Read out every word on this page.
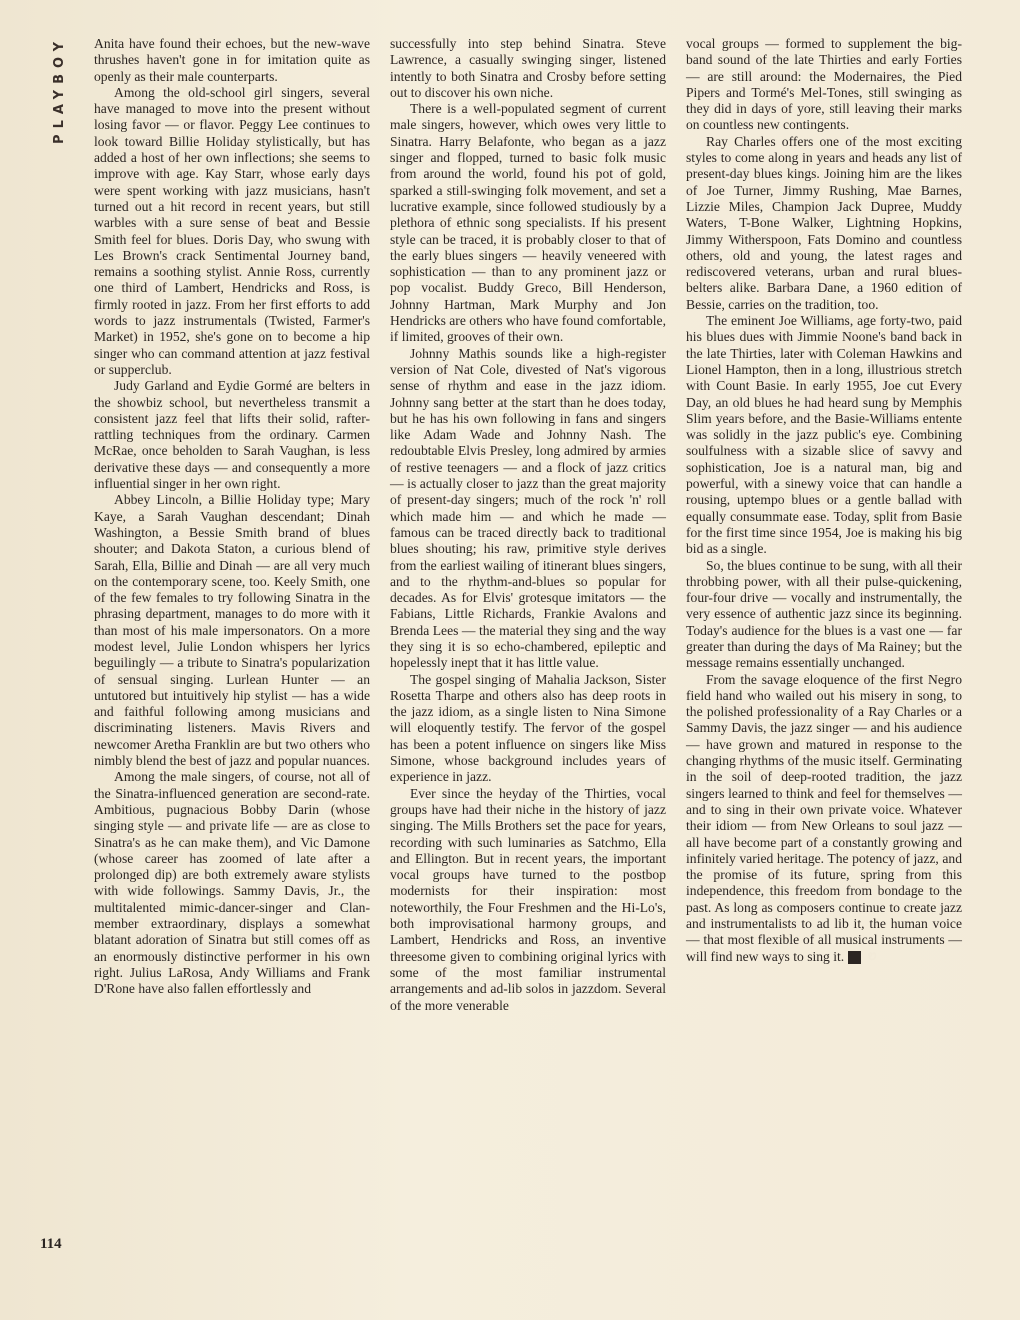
PLAYBOY
114

Anita have found their echoes, but the new-wave thrushes haven't gone in for imitation quite as openly as their male counterparts.

Among the old-school girl singers, several have managed to move into the present without losing favor — or flavor. Peggy Lee continues to look toward Billie Holiday stylistically, but has added a host of her own inflections; she seems to improve with age. Kay Starr, whose early days were spent working with jazz musicians, hasn't turned out a hit record in recent years, but still warbles with a sure sense of beat and Bessie Smith feel for blues. Doris Day, who swung with Les Brown's crack Sentimental Journey band, remains a soothing stylist. Annie Ross, currently one third of Lambert, Hendricks and Ross, is firmly rooted in jazz. From her first efforts to add words to jazz instrumentals (Twisted, Farmer's Market) in 1952, she's gone on to become a hip singer who can command attention at jazz festival or supperclub.

Judy Garland and Eydie Gormé are belters in the showbiz school, but nevertheless transmit a consistent jazz feel that lifts their solid, rafter-rattling techniques from the ordinary. Carmen McRae, once beholden to Sarah Vaughan, is less derivative these days — and consequently a more influential singer in her own right.

Abbey Lincoln, a Billie Holiday type; Mary Kaye, a Sarah Vaughan descendant; Dinah Washington, a Bessie Smith brand of blues shouter; and Dakota Staton, a curious blend of Sarah, Ella, Billie and Dinah — are all very much on the contemporary scene, too. Keely Smith, one of the few females to try following Sinatra in the phrasing department, manages to do more with it than most of his male impersonators. On a more modest level, Julie London whispers her lyrics beguilingly — a tribute to Sinatra's popularization of sensual singing. Lurlean Hunter — an untutored but intuitively hip stylist — has a wide and faithful following among musicians and discriminating listeners. Mavis Rivers and newcomer Aretha Franklin are but two others who nimbly blend the best of jazz and popular nuances.

Among the male singers, of course, not all of the Sinatra-influenced generation are second-rate. Ambitious, pugnacious Bobby Darin (whose singing style — and private life — are as close to Sinatra's as he can make them), and Vic Damone (whose career has zoomed of late after a prolonged dip) are both extremely aware stylists with wide followings. Sammy Davis, Jr., the multitalented mimic-dancer-singer and Clan-member extraordinary, displays a somewhat blatant adoration of Sinatra but still comes off as an enormously distinctive performer in his own right. Julius LaRosa, Andy Williams and Frank D'Rone have also fallen effortlessly and

successfully into step behind Sinatra. Steve Lawrence, a casually swinging singer, listened intently to both Sinatra and Crosby before setting out to discover his own niche.

There is a well-populated segment of current male singers, however, which owes very little to Sinatra. Harry Belafonte, who began as a jazz singer and flopped, turned to basic folk music from around the world, found his pot of gold, sparked a still-swinging folk movement, and set a lucrative example, since followed studiously by a plethora of ethnic song specialists. If his present style can be traced, it is probably closer to that of the early blues singers — heavily veneered with sophistication — than to any prominent jazz or pop vocalist. Buddy Greco, Bill Henderson, Johnny Hartman, Mark Murphy and Jon Hendricks are others who have found comfortable, if limited, grooves of their own.

Johnny Mathis sounds like a high-register version of Nat Cole, divested of Nat's vigorous sense of rhythm and ease in the jazz idiom. Johnny sang better at the start than he does today, but he has his own following in fans and singers like Adam Wade and Johnny Nash. The redoubtable Elvis Presley, long admired by armies of restive teenagers — and a flock of jazz critics — is actually closer to jazz than the great majority of present-day singers; much of the rock 'n' roll which made him — and which he made — famous can be traced directly back to traditional blues shouting; his raw, primitive style derives from the earliest wailing of itinerant blues singers, and to the rhythm-and-blues so popular for decades. As for Elvis' grotesque imitators — the Fabians, Little Richards, Frankie Avalons and Brenda Lees — the material they sing and the way they sing it is so echo-chambered, epileptic and hopelessly inept that it has little value.

The gospel singing of Mahalia Jackson, Sister Rosetta Tharpe and others also has deep roots in the jazz idiom, as a single listen to Nina Simone will eloquently testify. The fervor of the gospel has been a potent influence on singers like Miss Simone, whose background includes years of experience in jazz.

Ever since the heyday of the Thirties, vocal groups have had their niche in the history of jazz singing. The Mills Brothers set the pace for years, recording with such luminaries as Satchmo, Ella and Ellington. But in recent years, the important vocal groups have turned to the postbop modernists for their inspiration: most noteworthily, the Four Freshmen and the Hi-Lo's, both improvisational harmony groups, and Lambert, Hendricks and Ross, an inventive threesome given to combining original lyrics with some of the most familiar instrumental arrangements and ad-lib solos in jazzdom. Several of the more venerable

vocal groups — formed to supplement the big-band sound of the late Thirties and early Forties — are still around: the Modernaires, the Pied Pipers and Tormé's Mel-Tones, still swinging as they did in days of yore, still leaving their marks on countless new contingents.

Ray Charles offers one of the most exciting styles to come along in years and heads any list of present-day blues kings. Joining him are the likes of Joe Turner, Jimmy Rushing, Mae Barnes, Lizzie Miles, Champion Jack Dupree, Muddy Waters, T-Bone Walker, Lightning Hopkins, Jimmy Witherspoon, Fats Domino and countless others, old and young, the latest rages and rediscovered veterans, urban and rural blues-belters alike. Barbara Dane, a 1960 edition of Bessie, carries on the tradition, too.

The eminent Joe Williams, age forty-two, paid his blues dues with Jimmie Noone's band back in the late Thirties, later with Coleman Hawkins and Lionel Hampton, then in a long, illustrious stretch with Count Basie. In early 1955, Joe cut Every Day, an old blues he had heard sung by Memphis Slim years before, and the Basie-Williams entente was solidly in the jazz public's eye. Combining soulfulness with a sizable slice of savvy and sophistication, Joe is a natural man, big and powerful, with a sinewy voice that can handle a rousing, uptempo blues or a gentle ballad with equally consummate ease. Today, split from Basie for the first time since 1954, Joe is making his big bid as a single.

So, the blues continue to be sung, with all their throbbing power, with all their pulse-quickening, four-four drive — vocally and instrumentally, the very essence of authentic jazz since its beginning. Today's audience for the blues is a vast one — far greater than during the days of Ma Rainey; but the message remains essentially unchanged.

From the savage eloquence of the first Negro field hand who wailed out his misery in song, to the polished professionality of a Ray Charles or a Sammy Davis, the jazz singer — and his audience — have grown and matured in response to the changing rhythms of the music itself. Germinating in the soil of deep-rooted tradition, the jazz singers learned to think and feel for themselves — and to sing in their own private voice. Whatever their idiom — from New Orleans to soul jazz — all have become part of a constantly growing and infinitely varied heritage. The potency of jazz, and the promise of its future, spring from this independence, this freedom from bondage to the past. As long as composers continue to create jazz and instrumentalists to ad lib it, the human voice — that most flexible of all musical instruments — will find new ways to sing it. Ꮼ
